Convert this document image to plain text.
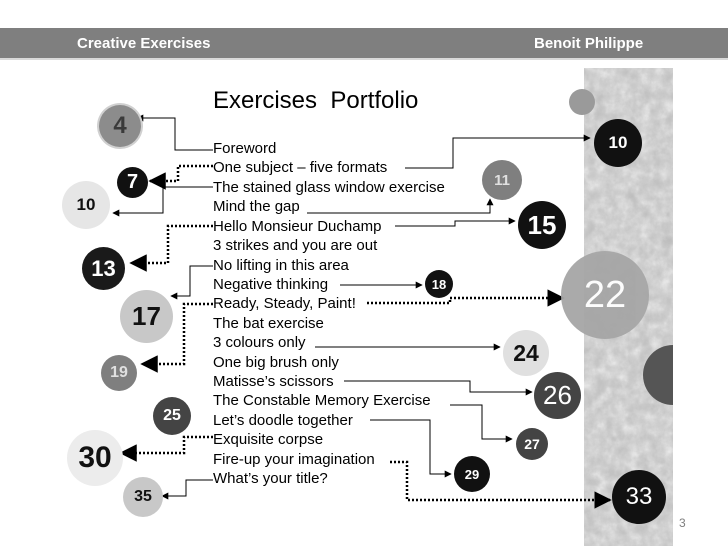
Creative Exercises	Benoit Philippe
Exercises  Portfolio
Foreword
One subject – five formats
The stained glass window exercise
Mind the gap
Hello Monsieur Duchamp
3 strikes and you are out
No lifting in this area
Negative thinking
Ready, Steady, Paint!
The bat exercise
3 colours only
One big brush only
Matisse’s scissors
The Constable Memory Exercise
Let’s doodle together
Exquisite corpse
Fire-up your imagination
What’s your title?
4
7
10
11
13
10
15
17
18	22
19
24
25
26
30	27
29
35	33
3
